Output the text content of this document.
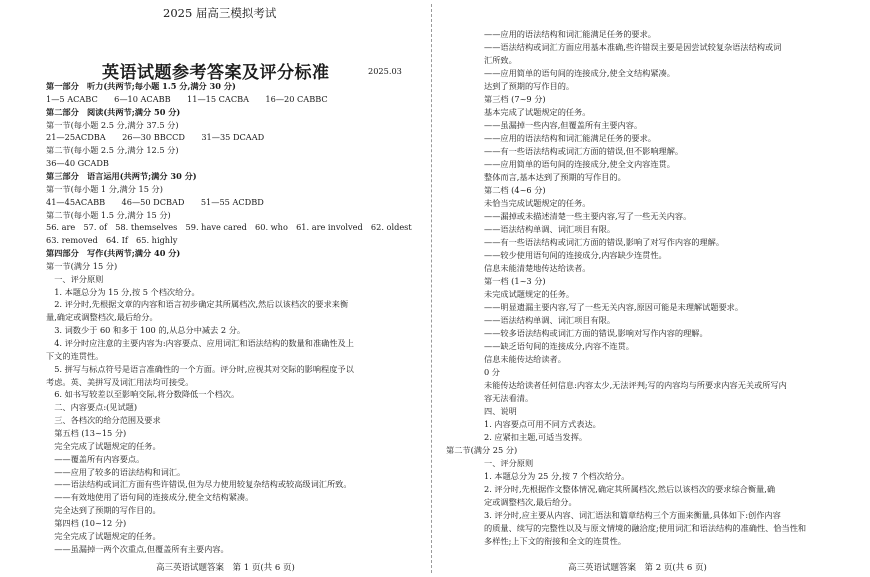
2025 届高三模拟考试
英语试题参考答案及评分标准	2025.03
第一部分　听力(共两节;每小题 1.5 分,满分 30 分)
1—5 ACABC　　6—10 ACABB　　11—15 CACBA　　16—20 CABBC
第二部分　阅读(共两节;满分 50 分)
第一节(每小题 2.5 分,满分 37.5 分)
21—25ACDBA　　26—30 BBCCD　　31—35 DCAAD
第二节(每小题 2.5 分,满分 12.5 分)
36—40 GCADB
第三部分　语言运用(共两节;满分 30 分)
第一节(每小题 1 分,满分 15 分)
41—45ACABB　　46—50 DCBAD　　51—55 ACDBD
第二节(每小题 1.5 分,满分 15 分)
56. are　57. of　58. themselves　59. have cared　60. who　61. are involved　62. oldest
63. removed　64. If　65. highly
第四部分　写作(共两节;满分 40 分)
第一节(满分 15 分)
　一、评分原则
　1. 本题总分为 15 分,按 5 个档次给分。
　2. 评分时,先根据文章的内容和语言初步确定其所属档次,然后以该档次的要求来衡
量,确定或调整档次,最后给分。
　3. 词数少于 60 和多于 100 的,从总分中减去 2 分。
　4. 评分时应注意的主要内容为:内容要点、应用词汇和语法结构的数量和准确性及上
下文的连贯性。
　5. 拼写与标点符号是语言准确性的一个方面。评分时,应视其对交际的影响程度予以
考虑。英、美拼写及词汇用法均可接受。
　6. 如书写较差以至影响交际,将分数降低一个档次。
　二、内容要点:(见试题)
　三、各档次的给分范围及要求
　第五档 (13~15 分)
　完全完成了试题规定的任务。
　——覆盖所有内容要点。
　——应用了较多的语法结构和词汇。
　——语法结构或词汇方面有些许错误,但为尽力使用较复杂结构或较高级词汇所致。
　——有效地使用了语句间的连接成分,使全文结构紧凑。
　完全达到了预期的写作目的。
　第四档 (10~12 分)
　完全完成了试题规定的任务。
　——虽漏掉一两个次重点,但覆盖所有主要内容。
高三英语试题答案　第 1 页(共 6 页)
——应用的语法结构和词汇能满足任务的要求。
——语法结构或词汇方面应用基本准确,些许错误主要是因尝试较复杂语法结构或词
汇所致。
——应用简单的语句间的连接成分,使全文结构紧凑。
达到了预期的写作目的。
第三档 (7~9 分)
基本完成了试题规定的任务。
——虽漏掉一些内容,但覆盖所有主要内容。
——应用的语法结构和词汇能满足任务的要求。
——有一些语法结构或词汇方面的错误,但不影响理解。
——应用简单的语句间的连接成分,使全文内容连贯。
整体而言,基本达到了预期的写作目的。
第二档 (4~6 分)
未恰当完成试题规定的任务。
——漏掉或未描述清楚一些主要内容,写了一些无关内容。
——语法结构单调、词汇项目有限。
——有一些语法结构或词汇方面的错误,影响了对写作内容的理解。
——较少使用语句间的连接成分,内容缺少连贯性。
信息未能清楚地传达给读者。
第一档 (1~3 分)
未完成试题规定的任务。
——明显遗漏主要内容,写了一些无关内容,原因可能是未理解试题要求。
——语法结构单调、词汇项目有限。
——较多语法结构或词汇方面的错误,影响对写作内容的理解。
——缺乏语句间的连接成分,内容不连贯。
信息未能传达给读者。
0 分
未能传达给读者任何信息:内容太少,无法评判;写的内容均与所要求内容无关或所写内
容无法看清。
四、说明
1. 内容要点可用不同方式表达。
2. 应紧扣主题,可适当发挥。
第二节(满分 25 分)
一、评分原则
1. 本题总分为 25 分,按 7 个档次给分。
2. 评分时,先根据作文整体情况,确定其所属档次,然后以该档次的要求综合衡量,确
定或调整档次,最后给分。
3. 评分时,应主要从内容、词汇语法和篇章结构三个方面来衡量,具体如下:创作内容
的质量、续写的完整性以及与原文情境的融洽度;使用词汇和语法结构的准确性、恰当性和
多样性;上下文的衔接和全文的连贯性。
高三英语试题答案　第 2 页(共 6 页)
